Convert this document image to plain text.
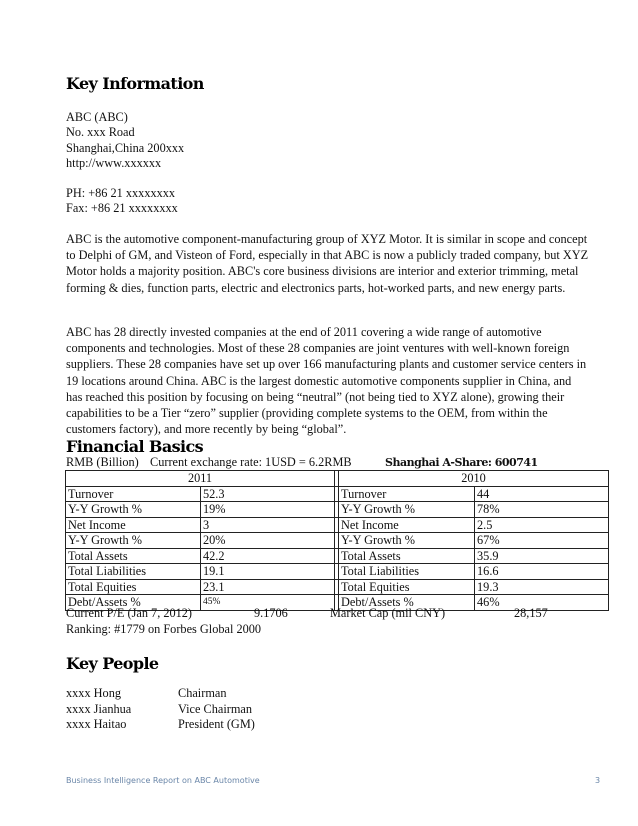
Key Information
ABC (ABC)
No. xxx Road
Shanghai,China 200xxx
http://www.xxxxxx
PH: +86 21 xxxxxxxx
Fax: +86 21 xxxxxxxx

ABC is the automotive component-manufacturing group of XYZ Motor. It is similar in scope and concept to Delphi of GM, and Visteon of Ford, especially in that ABC is now a publicly traded company, but XYZ Motor holds a majority position. ABC's core business divisions are interior and exterior trimming, metal forming & dies, function parts, electric and electronics parts, hot-worked parts, and new energy parts.

ABC has 28 directly invested companies at the end of 2011 covering a wide range of automotive components and technologies. Most of these 28 companies are joint ventures with well-known foreign suppliers. These 28 companies have set up over 166 manufacturing plants and customer service centers in 19 locations around China. ABC is the largest domestic automotive components supplier in China, and has reached this position by focusing on being “neutral” (not being tied to XYZ alone), growing their capabilities to be a Tier “zero” supplier (providing complete systems to the OEM, from within the customers factory), and more recently by being “global”.

Financial Basics
RMB (Billion) Current exchange rate: 1USD = 6.2RMB	Shanghai A-Share: 600741
2011			2010	
Turnover	52.3		Turnover	44
Y-Y Growth %	19%		Y-Y Growth %	78%
Net Income	3		Net Income	2.5
Y-Y Growth %	20%		Y-Y Growth %	67%
Total Assets	42.2		Total Assets	35.9
Total Liabilities	19.1		Total Liabilities	16.6
Total Equities	23.1		Total Equities	19.3
Debt/Assets %	45%		Debt/Assets %	46%
Current P/E (Jan 7, 2012)	9.1706	Market Cap (mil CNY)	28,157
Ranking: #1779 on Forbes Global 2000
Key People
xxxx Hong	Chairman
xxxx Jianhua	Vice Chairman
xxxx Haitao	President (GM)
Business Intelligence Report on ABC Automotive	3
